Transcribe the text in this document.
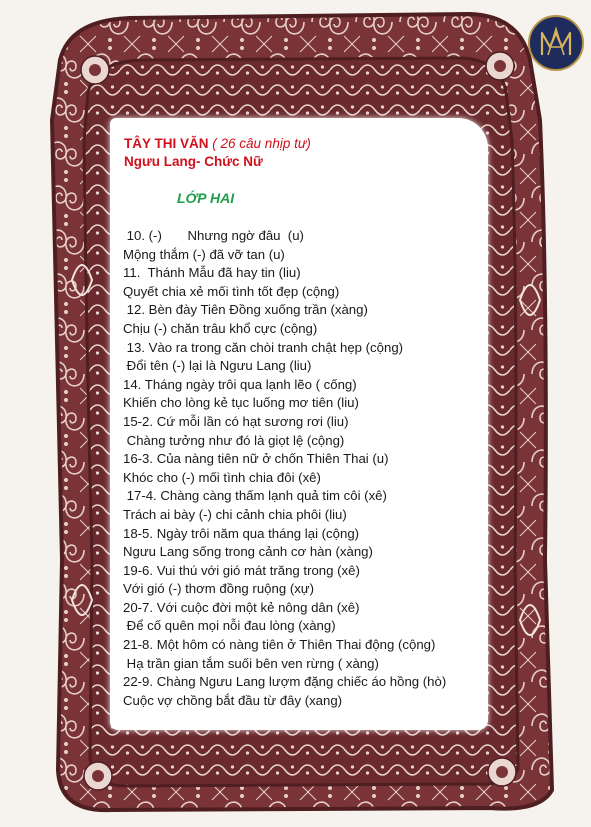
TÂY THI VĂN ( 26 câu nhịp tư)
Ngưu Lang- Chức Nữ
LỚP HAI
10. (-)       Nhưng ngờ đâu  (u)
Mộng thắm (-) đã vỡ tan (u)
11.  Thánh Mẫu đã hay tin (liu)
Quyết chia xẻ mối tình tốt đẹp (cộng)
12. Bèn đày Tiên Đồng xuống trần (xàng)
Chịu (-) chăn trâu khổ cực (cộng)
13. Vào ra trong căn chòi tranh chật hẹp (cộng)
Đổi tên (-) lại là Ngưu Lang (liu)
14. Tháng ngày trôi qua lạnh lẽo ( cống)
Khiến cho lòng kẻ tục luống mơ tiên (liu)
15-2. Cứ mỗi lần có hạt sương rơi (liu)
Chàng tưởng như đó là giọt lệ (cộng)
16-3. Của nàng tiên nữ ở chốn Thiên Thai (u)
Khóc cho (-) mối tình chia đôi (xê)
17-4. Chàng càng thấm lạnh quả tim côi (xê)
Trách ai bày (-) chi cảnh chia phôi (liu)
18-5. Ngày trôi năm qua tháng lại (cộng)
Ngưu Lang sống trong cảnh cơ hàn (xàng)
19-6. Vui thú với gió mát trăng trong (xê)
Với gió (-) thơm đồng ruộng (xự)
20-7. Với cuộc đời một kẻ nông dân (xê)
Để cố quên mọi nỗi đau lòng (xàng)
21-8. Một hôm có nàng tiên ở Thiên Thai động (cộng)
Hạ trần gian tắm suối bên ven rừng ( xàng)
22-9. Chàng Ngưu Lang lượm đặng chiếc áo hồng (hò)
Cuộc vợ chồng bắt đầu từ đây (xang)
